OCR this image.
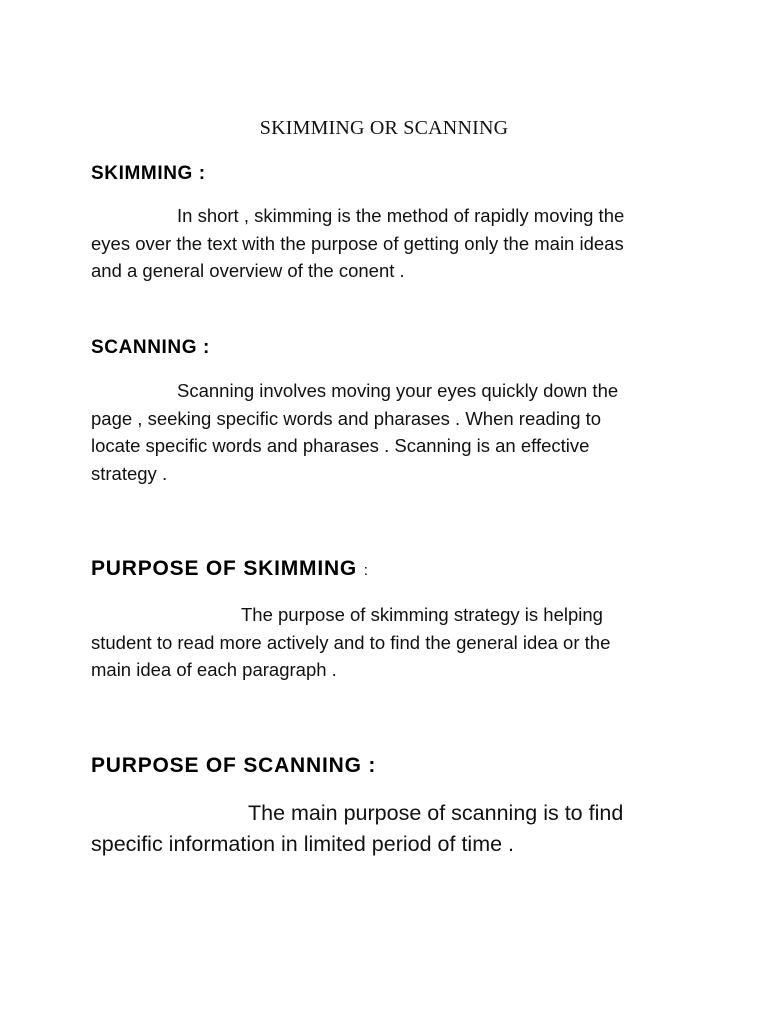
SKIMMING OR SCANNING
SKIMMING :
In short , skimming is the method of rapidly moving the
eyes over the text with the purpose of getting only the main ideas
and a general overview of the conent .
SCANNING :
Scanning involves moving your eyes quickly down the
page , seeking specific words and pharases . When reading to
locate specific words and pharases . Scanning is an effective
strategy .
PURPOSE OF SKIMMING :
The purpose of skimming strategy is helping
student to read more actively and to find the general idea or the
main idea of each paragraph .
PURPOSE OF SCANNING :
The main purpose of scanning is to find
specific information in limited period of time .
